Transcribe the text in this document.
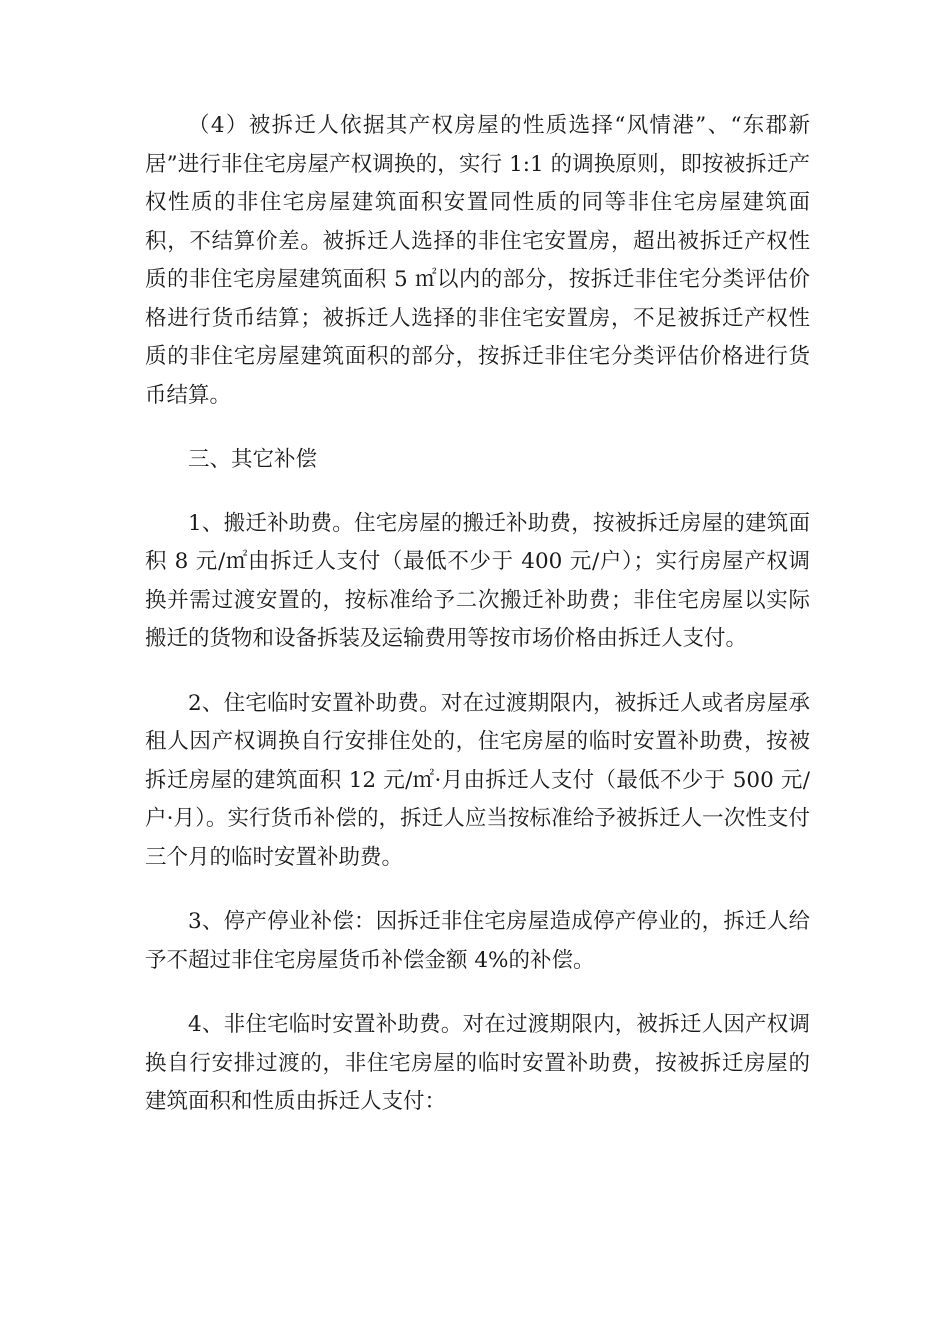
（4）被拆迁人依据其产权房屋的性质选择“风情港”、“东郡新居”进行非住宅房屋产权调换的，实行 1:1 的调换原则，即按被拆迁产权性质的非住宅房屋建筑面积安置同性质的同等非住宅房屋建筑面积，不结算价差。被拆迁人选择的非住宅安置房，超出被拆迁产权性质的非住宅房屋建筑面积 5 ㎡以内的部分，按拆迁非住宅分类评估价格进行货币结算；被拆迁人选择的非住宅安置房，不足被拆迁产权性质的非住宅房屋建筑面积的部分，按拆迁非住宅分类评估价格进行货币结算。

三、其它补偿

1、搬迁补助费。住宅房屋的搬迁补助费，按被拆迁房屋的建筑面积 8 元/㎡由拆迁人支付（最低不少于 400 元/户）；实行房屋产权调换并需过渡安置的，按标准给予二次搬迁补助费；非住宅房屋以实际搬迁的货物和设备拆装及运输费用等按市场价格由拆迁人支付。

2、住宅临时安置补助费。对在过渡期限内，被拆迁人或者房屋承租人因产权调换自行安排住处的，住宅房屋的临时安置补助费，按被拆迁房屋的建筑面积 12 元/㎡·月由拆迁人支付（最低不少于 500 元/户·月）。实行货币补偿的，拆迁人应当按标准给予被拆迁人一次性支付三个月的临时安置补助费。

3、停产停业补偿：因拆迁非住宅房屋造成停产停业的，拆迁人给予不超过非住宅房屋货币补偿金额 4%的补偿。

4、非住宅临时安置补助费。对在过渡期限内，被拆迁人因产权调换自行安排过渡的，非住宅房屋的临时安置补助费，按被拆迁房屋的建筑面积和性质由拆迁人支付：
